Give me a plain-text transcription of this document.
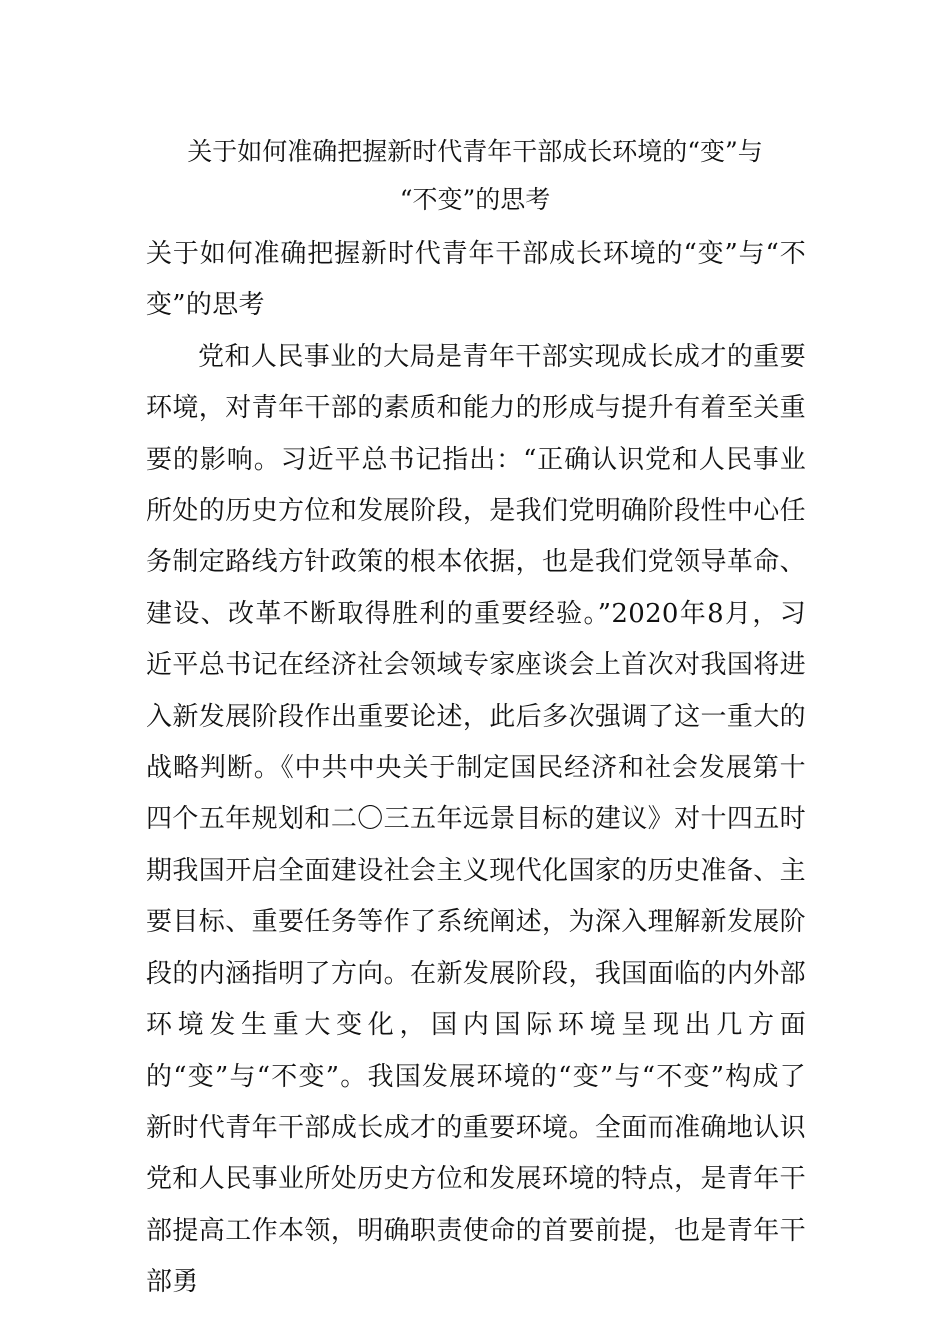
关于如何准确把握新时代青年干部成长环境的“变”与
“不变”的思考

关于如何准确把握新时代青年干部成长环境的“变”与“不变”的思考

党和人民事业的大局是青年干部实现成长成才的重要环境，对青年干部的素质和能力的形成与提升有着至关重要的影响。习近平总书记指出：“正确认识党和人民事业所处的历史方位和发展阶段，是我们党明确阶段性中心任务制定路线方针政策的根本依据，也是我们党领导革命、建设、改革不断取得胜利的重要经验。”2020年8月，习近平总书记在经济社会领域专家座谈会上首次对我国将进入新发展阶段作出重要论述，此后多次强调了这一重大的战略判断。《中共中央关于制定国民经济和社会发展第十四个五年规划和二〇三五年远景目标的建议》对十四五时期我国开启全面建设社会主义现代化国家的历史准备、主要目标、重要任务等作了系统阐述，为深入理解新发展阶段的内涵指明了方向。在新发展阶段，我国面临的内外部环境发生重大变化，国内国际环境呈现出几方面的“变”与“不变”。我国发展环境的“变”与“不变”构成了新时代青年干部成长成才的重要环境。全面而准确地认识党和人民事业所处历史方位和发展环境的特点，是青年干部提高工作本领，明确职责使命的首要前提，也是青年干部勇
